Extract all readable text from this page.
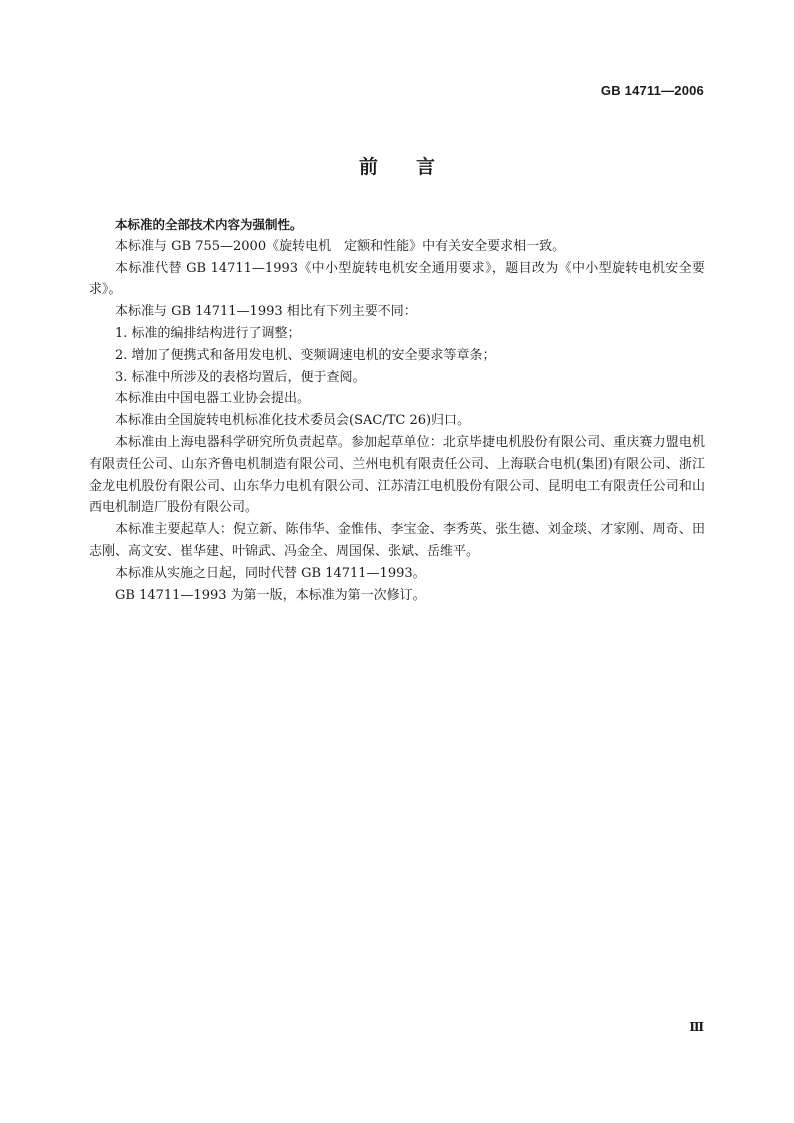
GB 14711—2006
前 言

本标准的全部技术内容为强制性。

本标准与 GB 755—2000《旋转电机　定额和性能》中有关安全要求相一致。

本标准代替 GB 14711—1993《中小型旋转电机安全通用要求》，题目改为《中小型旋转电机安全要求》。

本标准与 GB 14711—1993 相比有下列主要不同：

1. 标准的编排结构进行了调整；

2. 增加了便携式和备用发电机、变频调速电机的安全要求等章条；

3. 标准中所涉及的表格均置后，便于查阅。

本标准由中国电器工业协会提出。

本标准由全国旋转电机标准化技术委员会(SAC/TC 26)归口。

本标准由上海电器科学研究所负责起草。参加起草单位：北京毕捷电机股份有限公司、重庆赛力盟电机有限责任公司、山东齐鲁电机制造有限公司、兰州电机有限责任公司、上海联合电机(集团)有限公司、浙江金龙电机股份有限公司、山东华力电机有限公司、江苏清江电机股份有限公司、昆明电工有限责任公司和山西电机制造厂股份有限公司。

本标准主要起草人：倪立新、陈伟华、金惟伟、李宝金、李秀英、张生德、刘金琰、才家刚、周奇、田志刚、高文安、崔华建、叶锦武、冯金全、周国保、张斌、岳维平。

本标准从实施之日起，同时代替 GB 14711—1993。

GB 14711—1993 为第一版，本标准为第一次修订。

Ⅲ
